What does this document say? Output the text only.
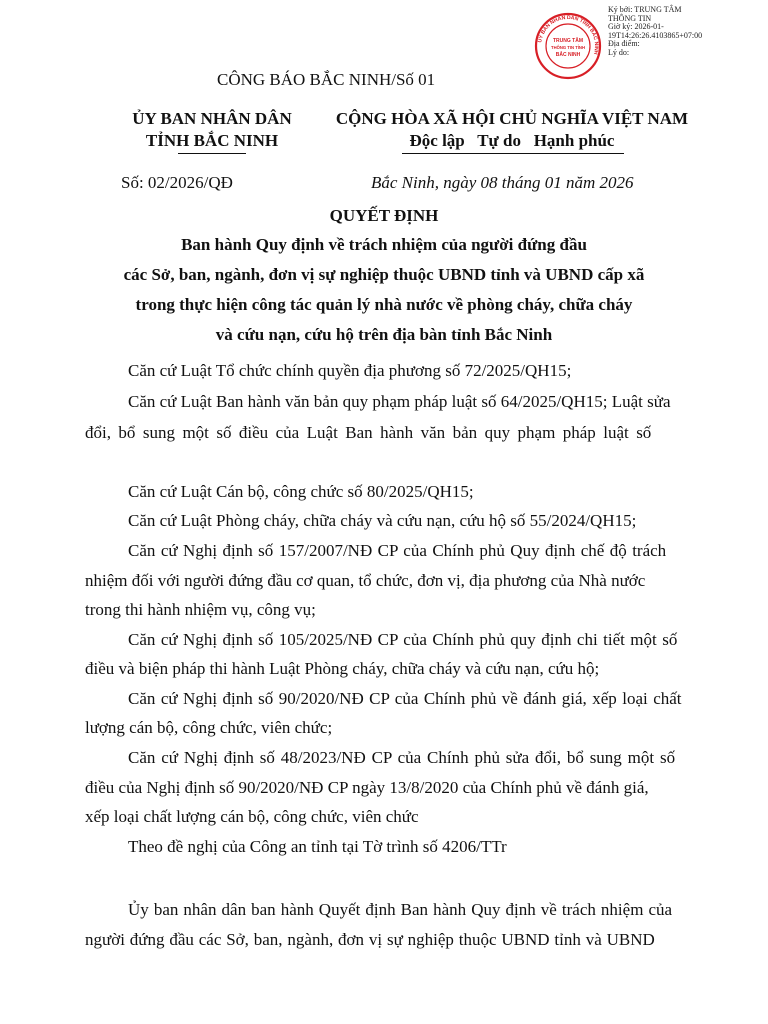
ỦY BAN NHÂN DÂN TỈNH BẮC NINH
TRUNG TÂM
THÔNG TIN TỈNH
BẮC NINH
Ký bởi: TRUNG TÂM
THÔNG TIN
Giờ ký: 2026-01-
19T14:26:26.4103865+07:00
Địa điểm:
Lý do:
CÔNG BÁO BẮC NINH/Số 01
ỦY BAN NHÂN DÂN
TỈNH BẮC NINH
CỘNG HÒA XÃ HỘI CHỦ NGHĨA VIỆT NAM
Độc lập   Tự do   Hạnh phúc
Số: 02/2026/QĐ	Bắc Ninh, ngày 08 tháng 01 năm 2026
QUYẾT ĐỊNH
Ban hành Quy định về trách nhiệm của người đứng đầu
các Sở, ban, ngành, đơn vị sự nghiệp thuộc UBND tỉnh và UBND cấp xã
trong thực hiện công tác quản lý nhà nước về phòng cháy, chữa cháy
và cứu nạn, cứu hộ trên địa bàn tỉnh Bắc Ninh
Căn cứ Luật Tổ chức chính quyền địa phương số 72/2025/QH15;
Căn cứ Luật Ban hành văn bản quy phạm pháp luật số 64/2025/QH15; Luật sửa
đổi, bổ sung một số điều của Luật Ban hành văn bản quy phạm pháp luật số
Căn cứ Luật Cán bộ, công chức số 80/2025/QH15;
Căn cứ Luật Phòng cháy, chữa cháy và cứu nạn, cứu hộ số 55/2024/QH15;
Căn cứ Nghị định số 157/2007/NĐ CP của Chính phủ Quy định chế độ trách
nhiệm đối với người đứng đầu cơ quan, tổ chức, đơn vị, địa phương của Nhà nước
trong thi hành nhiệm vụ, công vụ;
Căn cứ Nghị định số 105/2025/NĐ CP của Chính phủ quy định chi tiết một số
điều và biện pháp thi hành Luật Phòng cháy, chữa cháy và cứu nạn, cứu hộ;
Căn cứ Nghị định số 90/2020/NĐ CP của Chính phủ về đánh giá, xếp loại chất
lượng cán bộ, công chức, viên chức;
Căn cứ Nghị định số 48/2023/NĐ CP của Chính phủ sửa đổi, bổ sung một số
điều của Nghị định số 90/2020/NĐ CP ngày 13/8/2020 của Chính phủ về đánh giá,
xếp loại chất lượng cán bộ, công chức, viên chức
Theo đề nghị của Công an tỉnh tại Tờ trình số 4206/TTr
Ủy ban nhân dân ban hành Quyết định Ban hành Quy định về trách nhiệm của
người đứng đầu các Sở, ban, ngành, đơn vị sự nghiệp thuộc UBND tỉnh và UBND
